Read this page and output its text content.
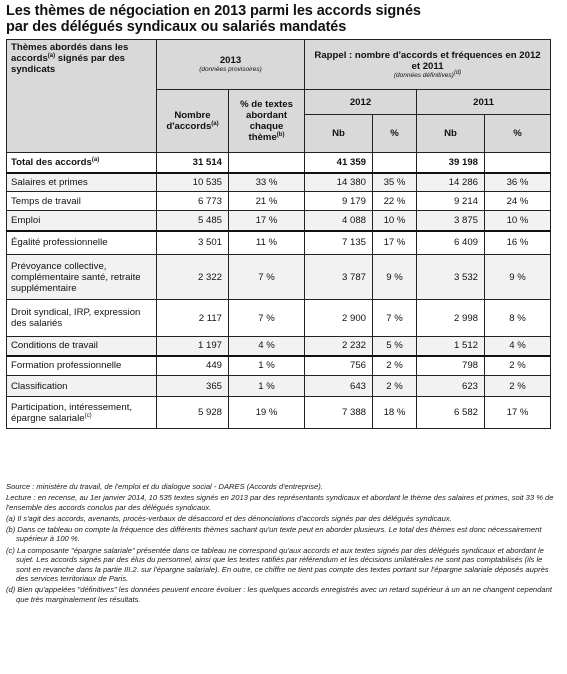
Les thèmes de négociation en 2013 parmi les accords signés
par des délégués syndicaux ou salariés mandatés
Thèmes abordés dans les accords$^{(a)}$ signés par des syndicats	2013
(données provisoires)		Rappel : nombre d'accords et fréquences en 2012 et 2011
(données définitives)$^{(d)}$

	Nombre d'accords$^{(a)}$	% de textes abordant chaque thème$^{(b)}$	2012		2011	
			Nb	%	Nb	%
Total des accords$^{(a)}$	31 514		41 359		39 198	
Salaires et primes	10 535	33 %	14 380	35 %	14 286	36 %
Temps de travail	6 773	21 %	9 179	22 %	9 214	24 %
Emploi	5 485	17 %	4 088	10 %	3 875	10 %
Égalité professionnelle	3 501	11 %	7 135	17 %	6 409	16 %
Prévoyance collective, complémentaire santé, retraite supplémentaire	2 322	7 %	3 787	9 %	3 532	9 %
Droit syndical, IRP, expression des salariés	2 117	7 %	2 900	7 %	2 998	8 %
Conditions de travail	1 197	4 %	2 232	5 %	1 512	4 %
Formation professionnelle	449	1 %	756	2 %	798	2 %
Classification	365	1 %	643	2 %	623	2 %
Participation, intéressement, épargne salariale$^{(c)}$	5 928	19 %	7 388	18 %	6 582	17 %

Source : ministère du travail, de l'emploi et du dialogue social - DARES (Accords d'entreprise).

Lecture : en recense, au 1er janvier 2014, 10 535 textes signés en 2013 par des représentants syndicaux et abordant le thème des salaires et primes, soit 33 % de l'ensemble des accords conclus par des délégués syndicaux.

(a) Il s'agit des accords, avenants, procès-verbaux de désaccord et des dénonciations d'accords signés par des délégués syndicaux.

(b) Dans ce tableau on compte la fréquence des différents thèmes sachant qu'un texte peut en aborder plusieurs. Le total des thèmes est donc nécessairement supérieur à 100 %.

(c) La composante "épargne salariale" présentée dans ce tableau ne correspond qu'aux accords et aux textes signés par des délégués syndicaux et abordant le sujet. Les accords signés par des élus du personnel, ainsi que les textes ratifiés par référendum et les décisions unilatérales ne sont pas comptabilisés (ils le sont en revanche dans la partie III.2. sur l'épargne salariale). En outre, ce chiffre ne tient pas compte des textes portant sur l'épargne salariale déposés auprès des services territoriaux de Paris.

(d) Bien qu'appelées "définitives" les données peuvent encore évoluer : les quelques accords enregistrés avec un retard supérieur à un an ne changent cependant que très marginalement les résultats.
